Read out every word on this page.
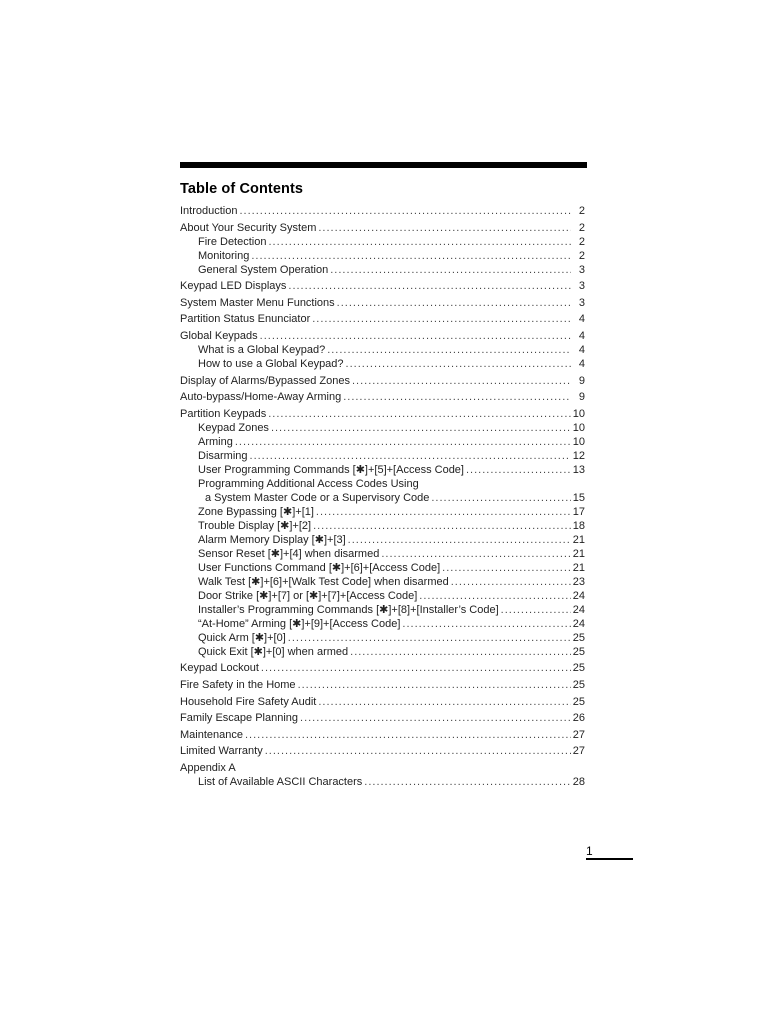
Table of Contents
Introduction .....	2
About Your Security System .....	2
Fire Detection .....	2
Monitoring .....	2
General System Operation .....	3
Keypad LED Displays .....	3
System Master Menu Functions .....	3
Partition Status Enunciator .....	4
Global Keypads .....	4
What is a Global Keypad? .....	4
How to use a Global Keypad? .....	4
Display of Alarms/Bypassed Zones .....	9
Auto-bypass/Home-Away Arming .....	9
Partition Keypads .....	10
Keypad Zones .....	10
Arming .....	10
Disarming .....	12
User Programming Commands [✱]+[5]+[Access Code] .....	13
Programming Additional Access Codes Using
a System Master Code or a Supervisory Code .....	15
Zone Bypassing [✱]+[1] .....	17
Trouble Display [✱]+[2] .....	18
Alarm Memory Display [✱]+[3] .....	21
Sensor Reset [✱]+[4] when disarmed .....	21
User Functions Command [✱]+[6]+[Access Code] .....	21
Walk Test [✱]+[6]+[Walk Test Code] when disarmed .....	23
Door Strike [✱]+[7] or [✱]+[7]+[Access Code] .....	24
Installer’s Programming Commands [✱]+[8]+[Installer’s Code] .....	24
“At-Home” Arming [✱]+[9]+[Access Code] .....	24
Quick Arm [✱]+[0] .....	25
Quick Exit [✱]+[0] when armed .....	25
Keypad Lockout .....	25
Fire Safety in the Home .....	25
Household Fire Safety Audit .....	25
Family Escape Planning .....	26
Maintenance .....	27
Limited Warranty .....	27
Appendix A
List of Available ASCII Characters .....	28
1
